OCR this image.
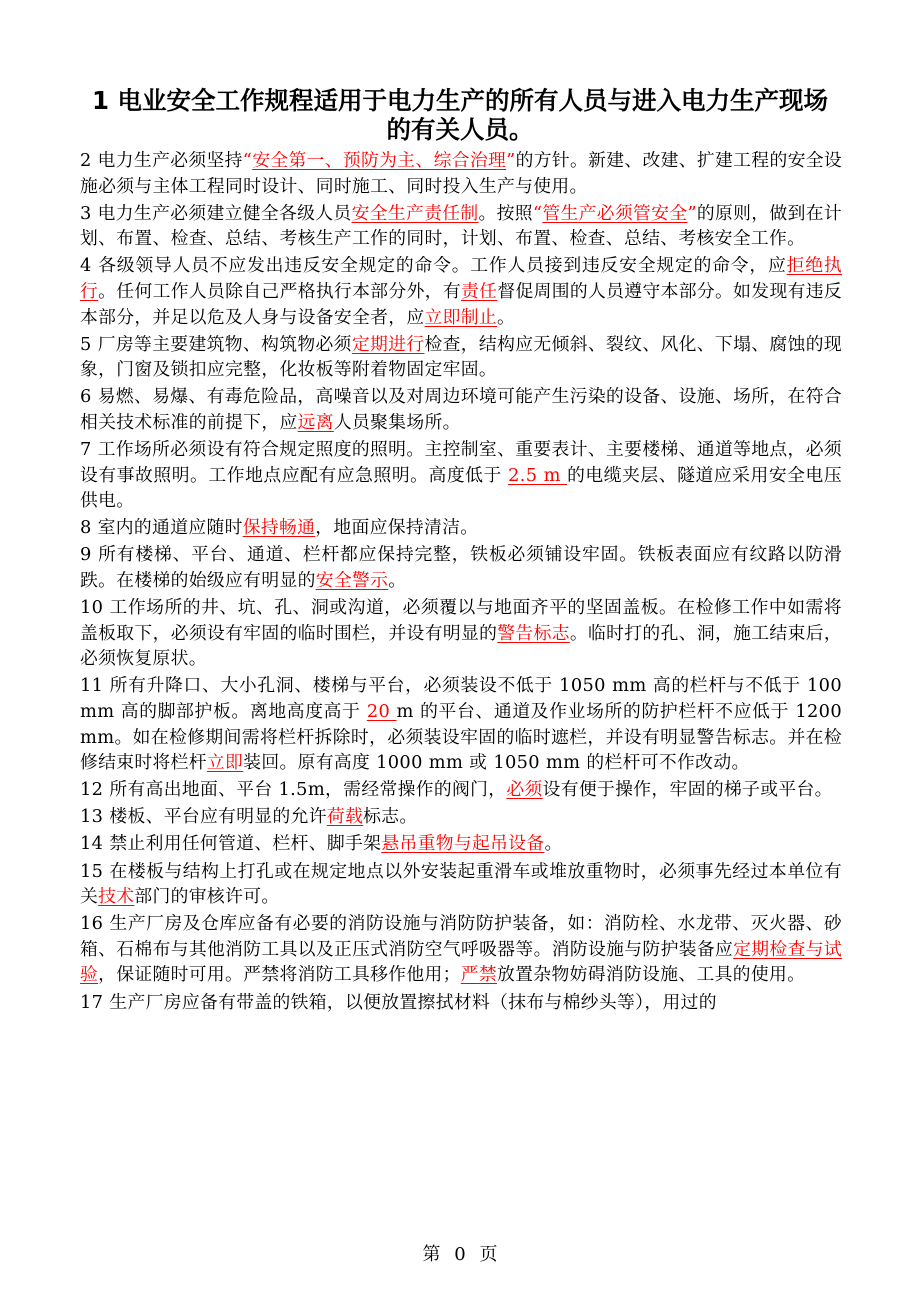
1 电业安全工作规程适用于电力生产的所有人员与进入电力生产现场的有关人员。

2 电力生产必须坚持“安全第一、预防为主、综合治理”的方针。新建、改建、扩建工程的安全设施必须与主体工程同时设计、同时施工、同时投入生产与使用。

3 电力生产必须建立健全各级人员安全生产责任制。按照“管生产必须管安全”的原则，做到在计划、布置、检查、总结、考核生产工作的同时，计划、布置、检查、总结、考核安全工作。

4 各级领导人员不应发出违反安全规定的命令。工作人员接到违反安全规定的命令，应拒绝执行。任何工作人员除自己严格执行本部分外，有责任督促周围的人员遵守本部分。如发现有违反本部分，并足以危及人身与设备安全者，应立即制止。

5 厂房等主要建筑物、构筑物必须定期进行检查，结构应无倾斜、裂纹、风化、下塌、腐蚀的现象，门窗及锁扣应完整，化妆板等附着物固定牢固。

6 易燃、易爆、有毒危险品，高噪音以及对周边环境可能产生污染的设备、设施、场所，在符合相关技术标准的前提下，应远离人员聚集场所。

7 工作场所必须设有符合规定照度的照明。主控制室、重要表计、主要楼梯、通道等地点，必须设有事故照明。工作地点应配有应急照明。高度低于 2.5 m 的电缆夹层、隧道应采用安全电压供电。

8 室内的通道应随时保持畅通，地面应保持清洁。

9 所有楼梯、平台、通道、栏杆都应保持完整，铁板必须铺设牢固。铁板表面应有纹路以防滑跌。在楼梯的始级应有明显的安全警示。

10 工作场所的井、坑、孔、洞或沟道，必须覆以与地面齐平的坚固盖板。在检修工作中如需将盖板取下，必须设有牢固的临时围栏，并设有明显的警告标志。临时打的孔、洞，施工结束后，必须恢复原状。

11 所有升降口、大小孔洞、楼梯与平台，必须装设不低于 1050 mm 高的栏杆与不低于 100 mm 高的脚部护板。离地高度高于 20 m 的平台、通道及作业场所的防护栏杆不应低于 1200 mm。如在检修期间需将栏杆拆除时，必须装设牢固的临时遮栏，并设有明显警告标志。并在检修结束时将栏杆立即装回。原有高度 1000 mm 或 1050 mm 的栏杆可不作改动。

12 所有高出地面、平台 1.5m，需经常操作的阀门，必须设有便于操作，牢固的梯子或平台。

13 楼板、平台应有明显的允许荷载标志。

14 禁止利用任何管道、栏杆、脚手架悬吊重物与起吊设备。

15 在楼板与结构上打孔或在规定地点以外安装起重滑车或堆放重物时，必须事先经过本单位有关技术部门的审核许可。

16 生产厂房及仓库应备有必要的消防设施与消防防护装备，如：消防栓、水龙带、灭火器、砂箱、石棉布与其他消防工具以及正压式消防空气呼吸器等。消防设施与防护装备应定期检查与试验，保证随时可用。严禁将消防工具移作他用；严禁放置杂物妨碍消防设施、工具的使用。

17 生产厂房应备有带盖的铁箱，以便放置擦拭材料（抹布与棉纱头等），用过的

第 0 页
